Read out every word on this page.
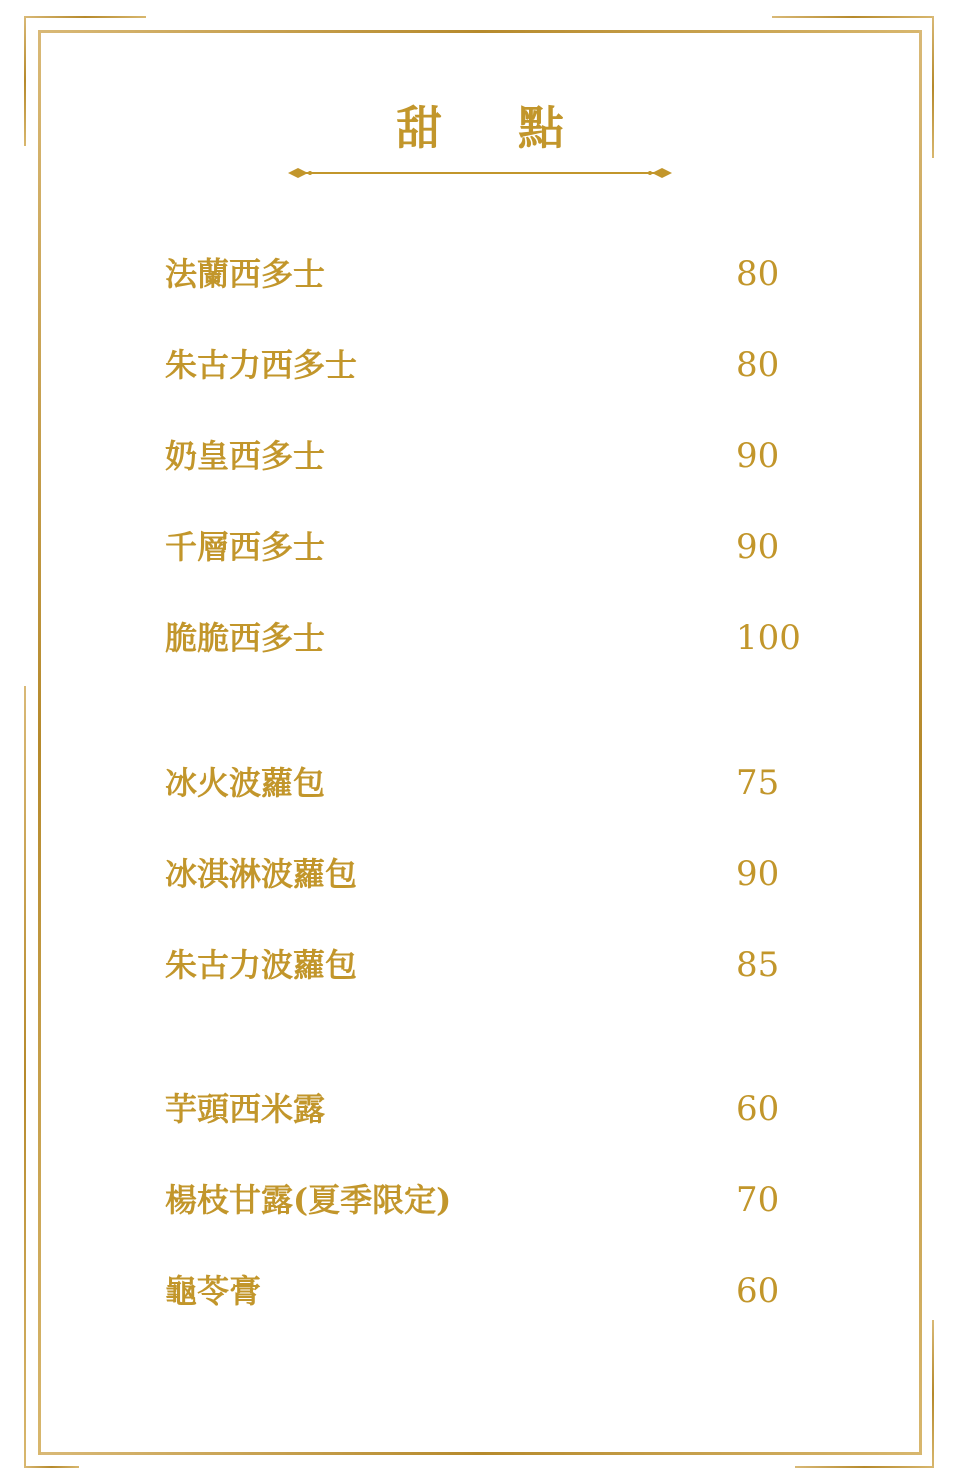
甜 點
法蘭西多士	80
朱古力西多士	80
奶皇西多士	90
千層西多士	90
脆脆西多士	100
冰火波蘿包	75
冰淇淋波蘿包	90
朱古力波蘿包	85
芋頭西米露	60
楊枝甘露(夏季限定)	70
龜苓膏	60
